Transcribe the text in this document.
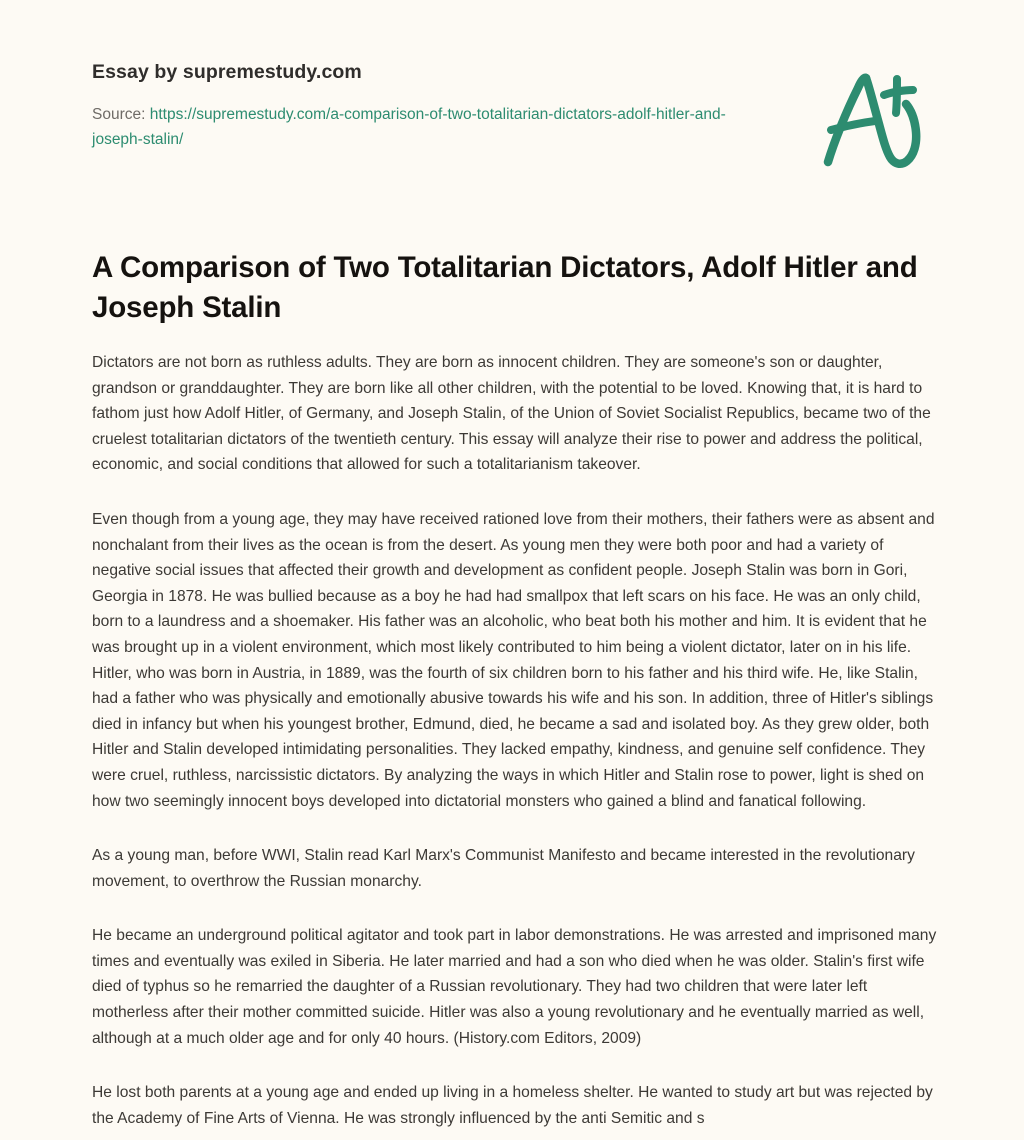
Essay by supremestudy.com

Source: https://supremestudy.com/a-comparison-of-two-totalitarian-dictators-adolf-hitler-and-joseph-stalin/
A Comparison of Two Totalitarian Dictators, Adolf Hitler and Joseph Stalin

Dictators are not born as ruthless adults. They are born as innocent children. They are someone's son or daughter, grandson or granddaughter. They are born like all other children, with the potential to be loved. Knowing that, it is hard to fathom just how Adolf Hitler, of Germany, and Joseph Stalin, of the Union of Soviet Socialist Republics, became two of the cruelest totalitarian dictators of the twentieth century. This essay will analyze their rise to power and address the political, economic, and social conditions that allowed for such a totalitarianism takeover.

Even though from a young age, they may have received rationed love from their mothers, their fathers were as absent and nonchalant from their lives as the ocean is from the desert. As young men they were both poor and had a variety of negative social issues that affected their growth and development as confident people. Joseph Stalin was born in Gori, Georgia in 1878. He was bullied because as a boy he had had smallpox that left scars on his face. He was an only child, born to a laundress and a shoemaker. His father was an alcoholic, who beat both his mother and him. It is evident that he was brought up in a violent environment, which most likely contributed to him being a violent dictator, later on in his life. Hitler, who was born in Austria, in 1889, was the fourth of six children born to his father and his third wife. He, like Stalin, had a father who was physically and emotionally abusive towards his wife and his son. In addition, three of Hitler's siblings died in infancy but when his youngest brother, Edmund, died, he became a sad and isolated boy. As they grew older, both Hitler and Stalin developed intimidating personalities. They lacked empathy, kindness, and genuine self confidence. They were cruel, ruthless, narcissistic dictators. By analyzing the ways in which Hitler and Stalin rose to power, light is shed on how two seemingly innocent boys developed into dictatorial monsters who gained a blind and fanatical following.

As a young man, before WWI, Stalin read Karl Marx's Communist Manifesto and became interested in the revolutionary movement, to overthrow the Russian monarchy.

He became an underground political agitator and took part in labor demonstrations. He was arrested and imprisoned many times and eventually was exiled in Siberia. He later married and had a son who died when he was older. Stalin's first wife died of typhus so he remarried the daughter of a Russian revolutionary. They had two children that were later left motherless after their mother committed suicide. Hitler was also a young revolutionary and he eventually married as well, although at a much older age and for only 40 hours. (History.com Editors, 2009)

He lost both parents at a young age and ended up living in a homeless shelter. He wanted to study art but was rejected by the Academy of Fine Arts of Vienna. He was strongly influenced by the anti Semitic and s
